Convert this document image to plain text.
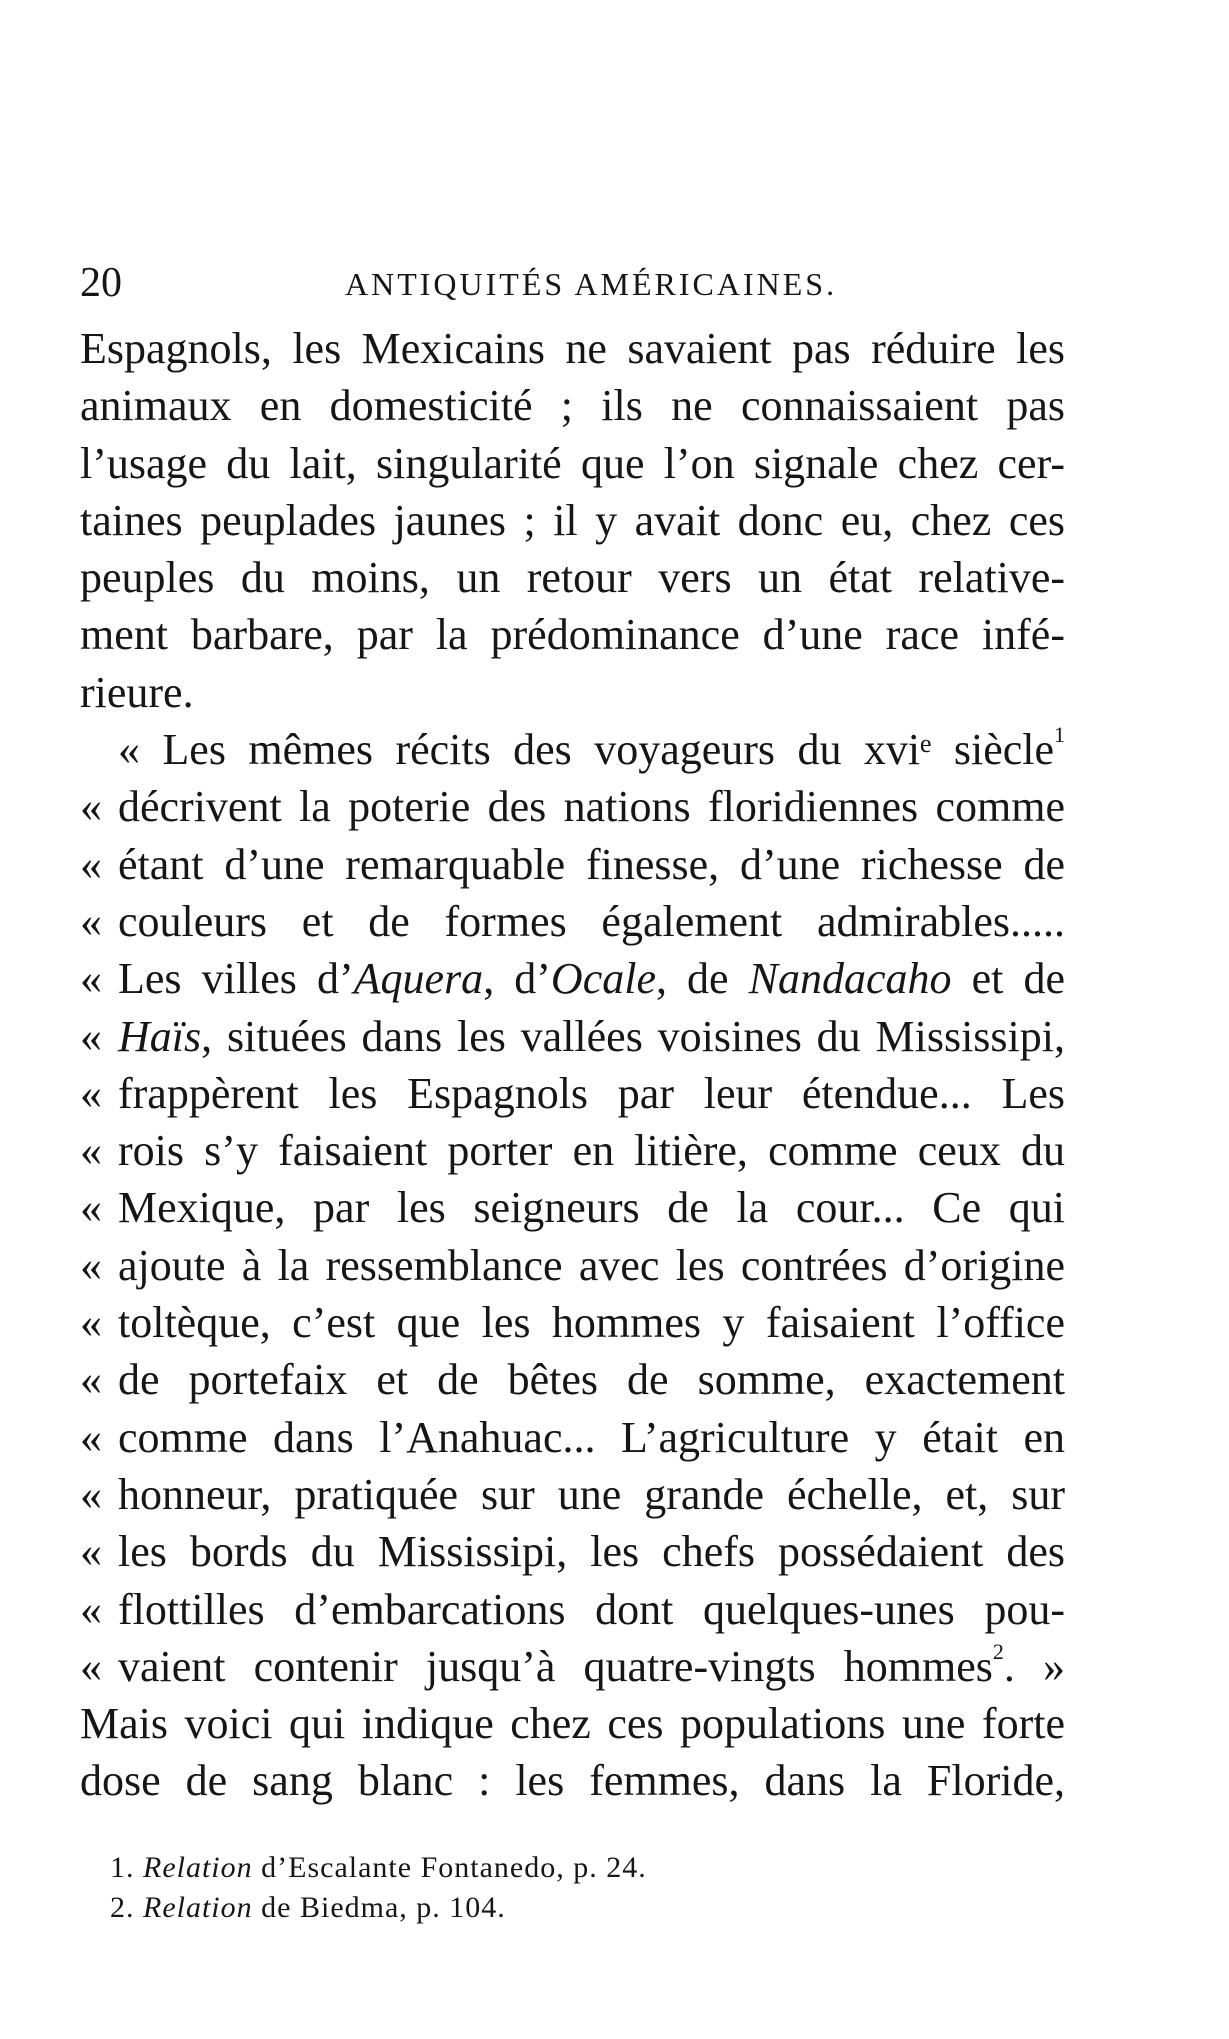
20	ANTIQUITÉS AMÉRICAINES.
Espagnols, les Mexicains ne savaient pas réduire les
animaux en domesticité ; ils ne connaissaient pas
l’usage du lait, singularité que l’on signale chez cer-
taines peuplades jaunes ; il y avait donc eu, chez ces
peuples du moins, un retour vers un état relative-
ment barbare, par la prédominance d’une race infé-
rieure.
« Les mêmes récits des voyageurs du xviᵉ siècle$^1$
« décrivent la poterie des nations floridiennes comme
« étant d’une remarquable finesse, d’une richesse de
« couleurs et de formes également admirables.....
« Les villes d’Aquera, d’Ocale, de Nandacaho et de
« Haïs, situées dans les vallées voisines du Mississipi,
« frappèrent les Espagnols par leur étendue... Les
« rois s’y faisaient porter en litière, comme ceux du
« Mexique, par les seigneurs de la cour... Ce qui
« ajoute à la ressemblance avec les contrées d’origine
« toltèque, c’est que les hommes y faisaient l’office
« de portefaix et de bêtes de somme, exactement
« comme dans l’Anahuac... L’agriculture y était en
« honneur, pratiquée sur une grande échelle, et, sur
« les bords du Mississipi, les chefs possédaient des
« flottilles d’embarcations dont quelques-unes pou-
« vaient contenir jusqu’à quatre-vingts hommes$^2$. »
Mais voici qui indique chez ces populations une forte
dose de sang blanc : les femmes, dans la Floride,
1. Relation d’Escalante Fontanedo, p. 24.
2. Relation de Biedma, p. 104.
